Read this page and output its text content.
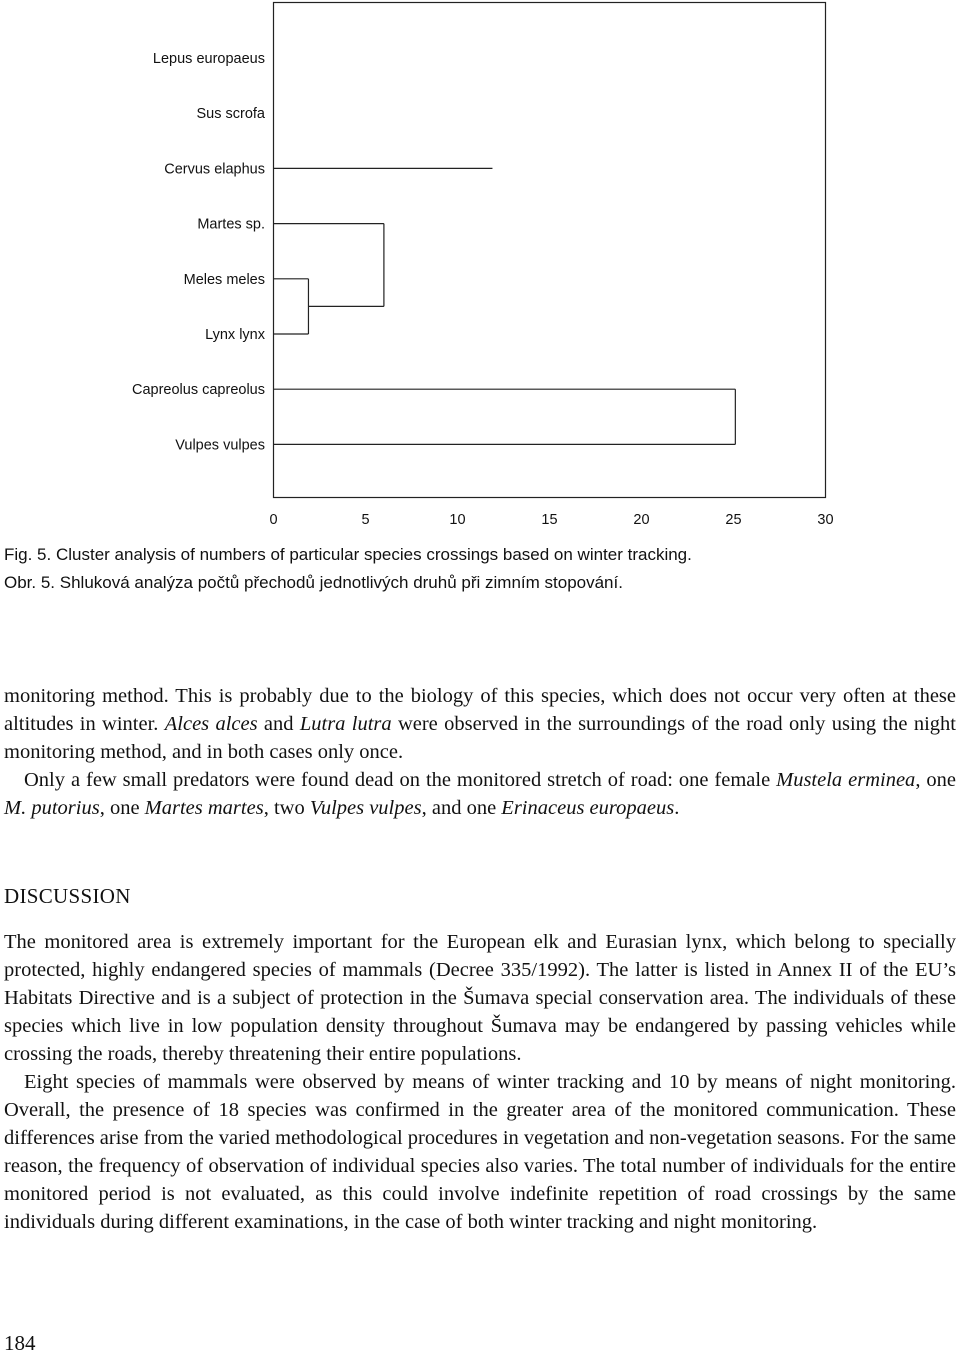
Lepus europaeus
Sus scrofa
Cervus elaphus
Martes sp.
Meles meles
Lynx lynx
Capreolus capreolus
Vulpes vulpes
0	5	10	15	20	25	30
Fig. 5. Cluster analysis of numbers of particular species crossings based on winter tracking.
Obr. 5. Shluková analýza počtů přechodů jednotlivých druhů při zimním stopování.

monitoring method. This is probably due to the biology of this species, which does not occur very often at these altitudes in winter. Alces alces and Lutra lutra were observed in the surroundings of the road only using the night monitoring method, and in both cases only once.

Only a few small predators were found dead on the monitored stretch of road: one female Mustela erminea, one M. putorius, one Martes martes, two Vulpes vulpes, and one Erinaceus europaeus.

DISCUSSION

The monitored area is extremely important for the European elk and Eurasian lynx, which belong to specially protected, highly endangered species of mammals (Decree 335/1992). The latter is listed in Annex II of the EU’s Habitats Directive and is a subject of protection in the Šumava special conservation area. The individuals of these species which live in low population density throughout Šumava may be endangered by passing vehicles while crossing the roads, thereby threatening their entire populations.

Eight species of mammals were observed by means of winter tracking and 10 by means of night monitoring. Overall, the presence of 18 species was confirmed in the greater area of the monitored communication. These differences arise from the varied methodological procedures in vegetation and non-vegetation seasons. For the same reason, the frequency of observation of individual species also varies. The total number of individuals for the entire monitored period is not evaluated, as this could involve indefinite repetition of road crossings by the same individuals during different examinations, in the case of both winter tracking and night monitoring.

184
